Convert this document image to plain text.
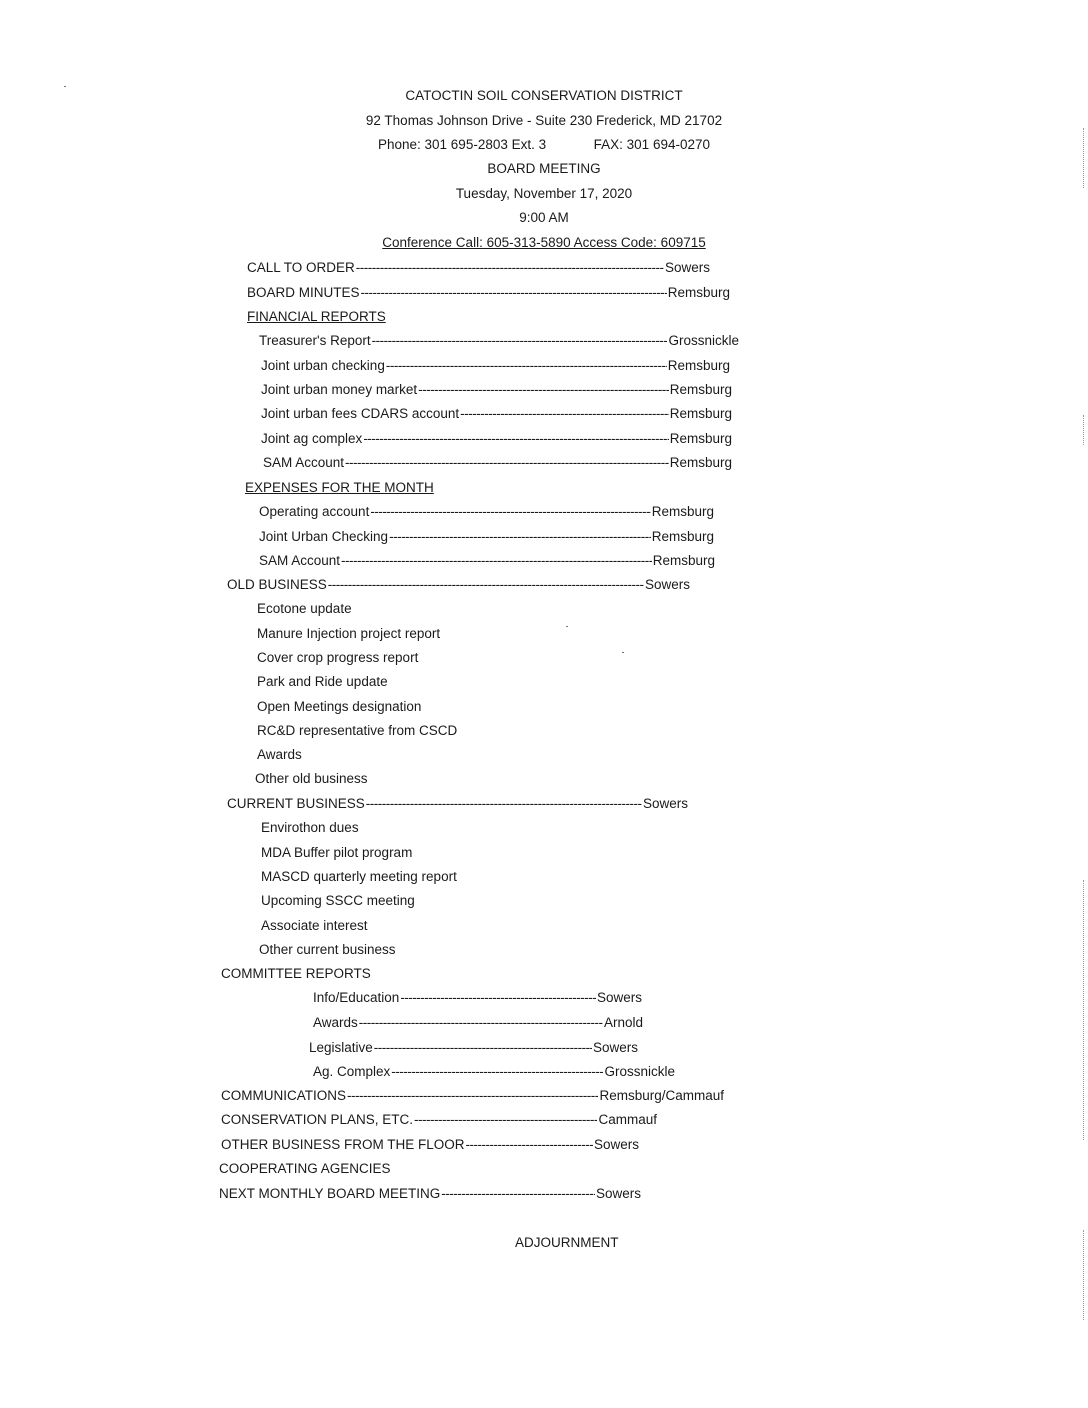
CATOCTIN SOIL CONSERVATION DISTRICT
92 Thomas Johnson Drive - Suite 230 Frederick, MD 21702
Phone: 301 695-2803 Ext. 3	FAX: 301 694-0270
BOARD MEETING
Tuesday, November 17, 2020
9:00 AM
Conference Call: 605-313-5890 Access Code: 609715
CALL TO ORDER -----	Sowers
BOARD MINUTES -----	Remsburg
FINANCIAL REPORTS
Treasurer's Report -----	Grossnickle
Joint urban checking -----	Remsburg
Joint urban money market -----	Remsburg
Joint urban fees CDARS account -----	Remsburg
Joint ag complex -----	Remsburg
SAM Account -----	Remsburg
EXPENSES FOR THE MONTH
Operating account -----	Remsburg
Joint Urban Checking -----	Remsburg
SAM Account -----	Remsburg
OLD BUSINESS -----	Sowers
Ecotone update
Manure Injection project report
Cover crop progress report
Park and Ride update
Open Meetings designation
RC&D representative from CSCD
Awards
Other old business
CURRENT BUSINESS -----	Sowers
Envirothon dues
MDA Buffer pilot program
MASCD quarterly meeting report
Upcoming SSCC meeting
Associate interest
Other current business
COMMITTEE REPORTS
Info/Education -----	Sowers
Awards -----	Arnold
Legislative -----	Sowers
Ag. Complex -----	Grossnickle
COMMUNICATIONS -----	Remsburg/Cammauf
CONSERVATION PLANS, ETC. -----	Cammauf
OTHER BUSINESS FROM THE FLOOR -----	Sowers
COOPERATING AGENCIES
NEXT MONTHLY BOARD MEETING -----	Sowers
ADJOURNMENT
